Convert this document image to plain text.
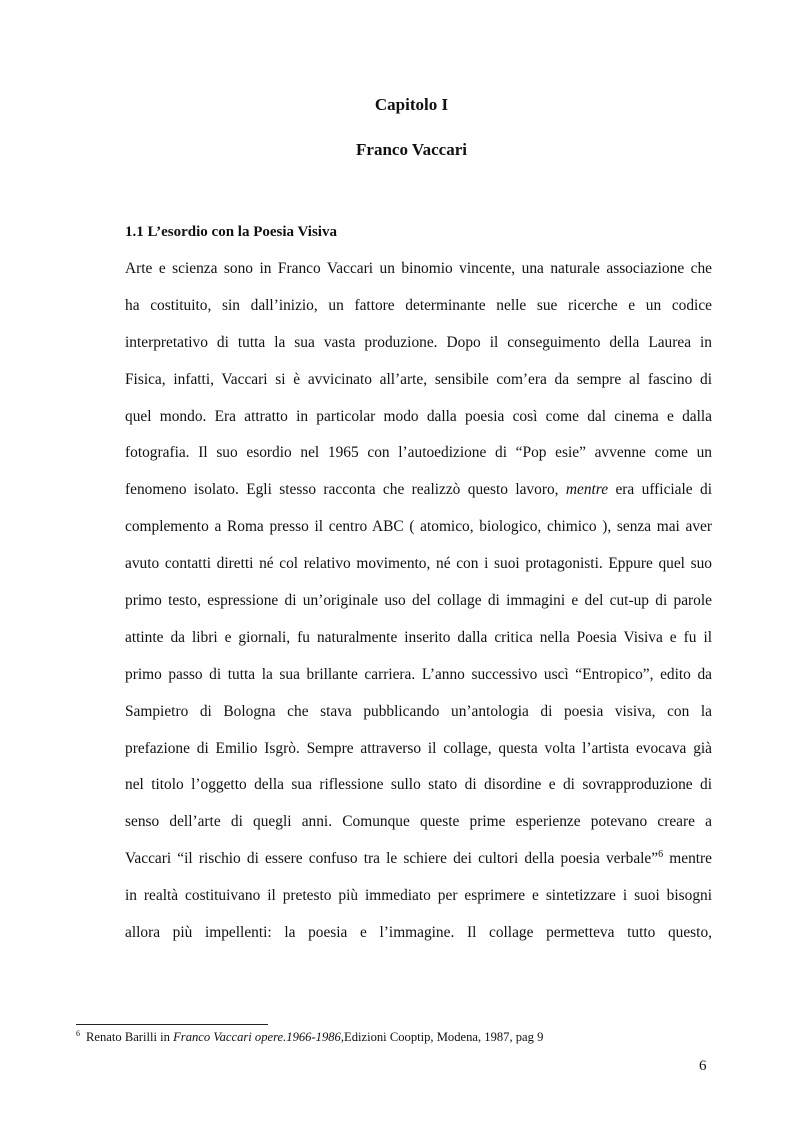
Capitolo I
Franco Vaccari
1.1 L’esordio con la Poesia Visiva
Arte e scienza sono in Franco Vaccari un binomio vincente, una naturale associazione che
ha costituito, sin dall’inizio, un fattore determinante nelle sue ricerche e un codice
interpretativo di tutta la sua vasta produzione. Dopo il conseguimento della Laurea in
Fisica, infatti, Vaccari si è avvicinato all’arte, sensibile com’era da sempre al fascino di
quel mondo. Era attratto in particolar modo dalla poesia così come dal cinema e dalla
fotografia. Il suo esordio nel 1965 con l’autoedizione di “Pop esie” avvenne come un
fenomeno isolato. Egli stesso racconta che realizzò questo lavoro, mentre era ufficiale di
complemento a Roma presso il centro ABC ( atomico, biologico, chimico ), senza mai aver
avuto contatti diretti né col relativo movimento, né con i suoi protagonisti. Eppure quel suo
primo testo, espressione di un’originale uso del collage di immagini e del cut-up di parole
attinte da libri e giornali, fu naturalmente inserito dalla critica nella Poesia Visiva e fu il
primo passo di tutta la sua brillante carriera. L’anno successivo uscì “Entropico”, edito da
Sampietro di Bologna che stava pubblicando un’antologia di poesia visiva, con la
prefazione di Emilio Isgrò. Sempre attraverso il collage, questa volta l’artista evocava già
nel titolo l’oggetto della sua riflessione sullo stato di disordine e di sovrapproduzione di
senso dell’arte di quegli anni. Comunque queste prime esperienze potevano creare a
Vaccari “il rischio di essere confuso tra le schiere dei cultori della poesia verbale”$^6$ mentre
in realtà costituivano il pretesto più immediato per esprimere e sintetizzare i suoi bisogni
allora più impellenti: la poesia e l’immagine. Il collage permetteva tutto questo,
$^6$ Renato Barilli in Franco Vaccari opere.1966-1986,Edizioni Cooptip, Modena, 1987, pag 9
6
